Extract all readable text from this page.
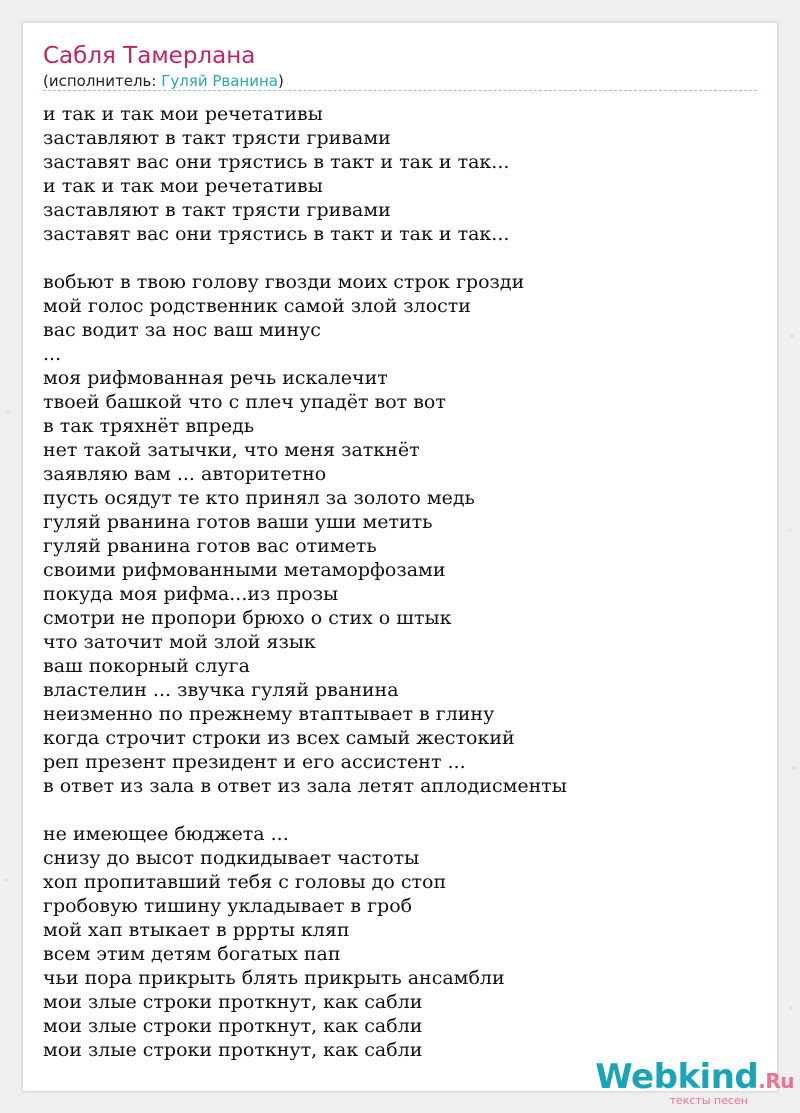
Сабля Тамерлана
(исполнитель: Гуляй Рванина)
и так и так мои речетативы
заставляют в такт трясти гривами
заставят вас они трястись в такт и так и так...
и так и так мои речетативы
заставляют в такт трясти гривами
заставят вас они трястись в такт и так и так...
вобьют в твою голову гвозди моих строк грозди
мой голос родственник самой злой злости
вас водит за нос ваш минус
...
моя рифмованная речь искалечит
твоей башкой что с плеч упадёт вот вот
в так тряхнёт впредь
нет такой затычки, что меня заткнёт
заявляю вам ... авторитетно
пусть осядут те кто принял за золото медь
гуляй рванина готов ваши уши метить
гуляй рванина готов вас отиметь
своими рифмованными метаморфозами
покуда моя рифма...из прозы
смотри не пропори брюхо о стих о штык
что заточит мой злой язык
ваш покорный слуга
властелин ... звучка гуляй рванина
неизменно по прежнему втаптывает в глину
когда строчит строки из всех самый жестокий
реп презент президент и его ассистент ...
в ответ из зала в ответ из зала летят аплодисменты
не имеющее бюджета ...
снизу до высот подкидывает частоты
хоп пропитавший тебя с головы до стоп
гробовую тишину укладывает в гроб
мой хап втыкает в рррты кляп
всем этим детям богатых пап
чьи пора прикрыть блять прикрыть ансамбли
мои злые строки проткнут, как сабли
мои злые строки проткнут, как сабли
мои злые строки проткнут, как сабли
Webkind.Ru
тексты песен
